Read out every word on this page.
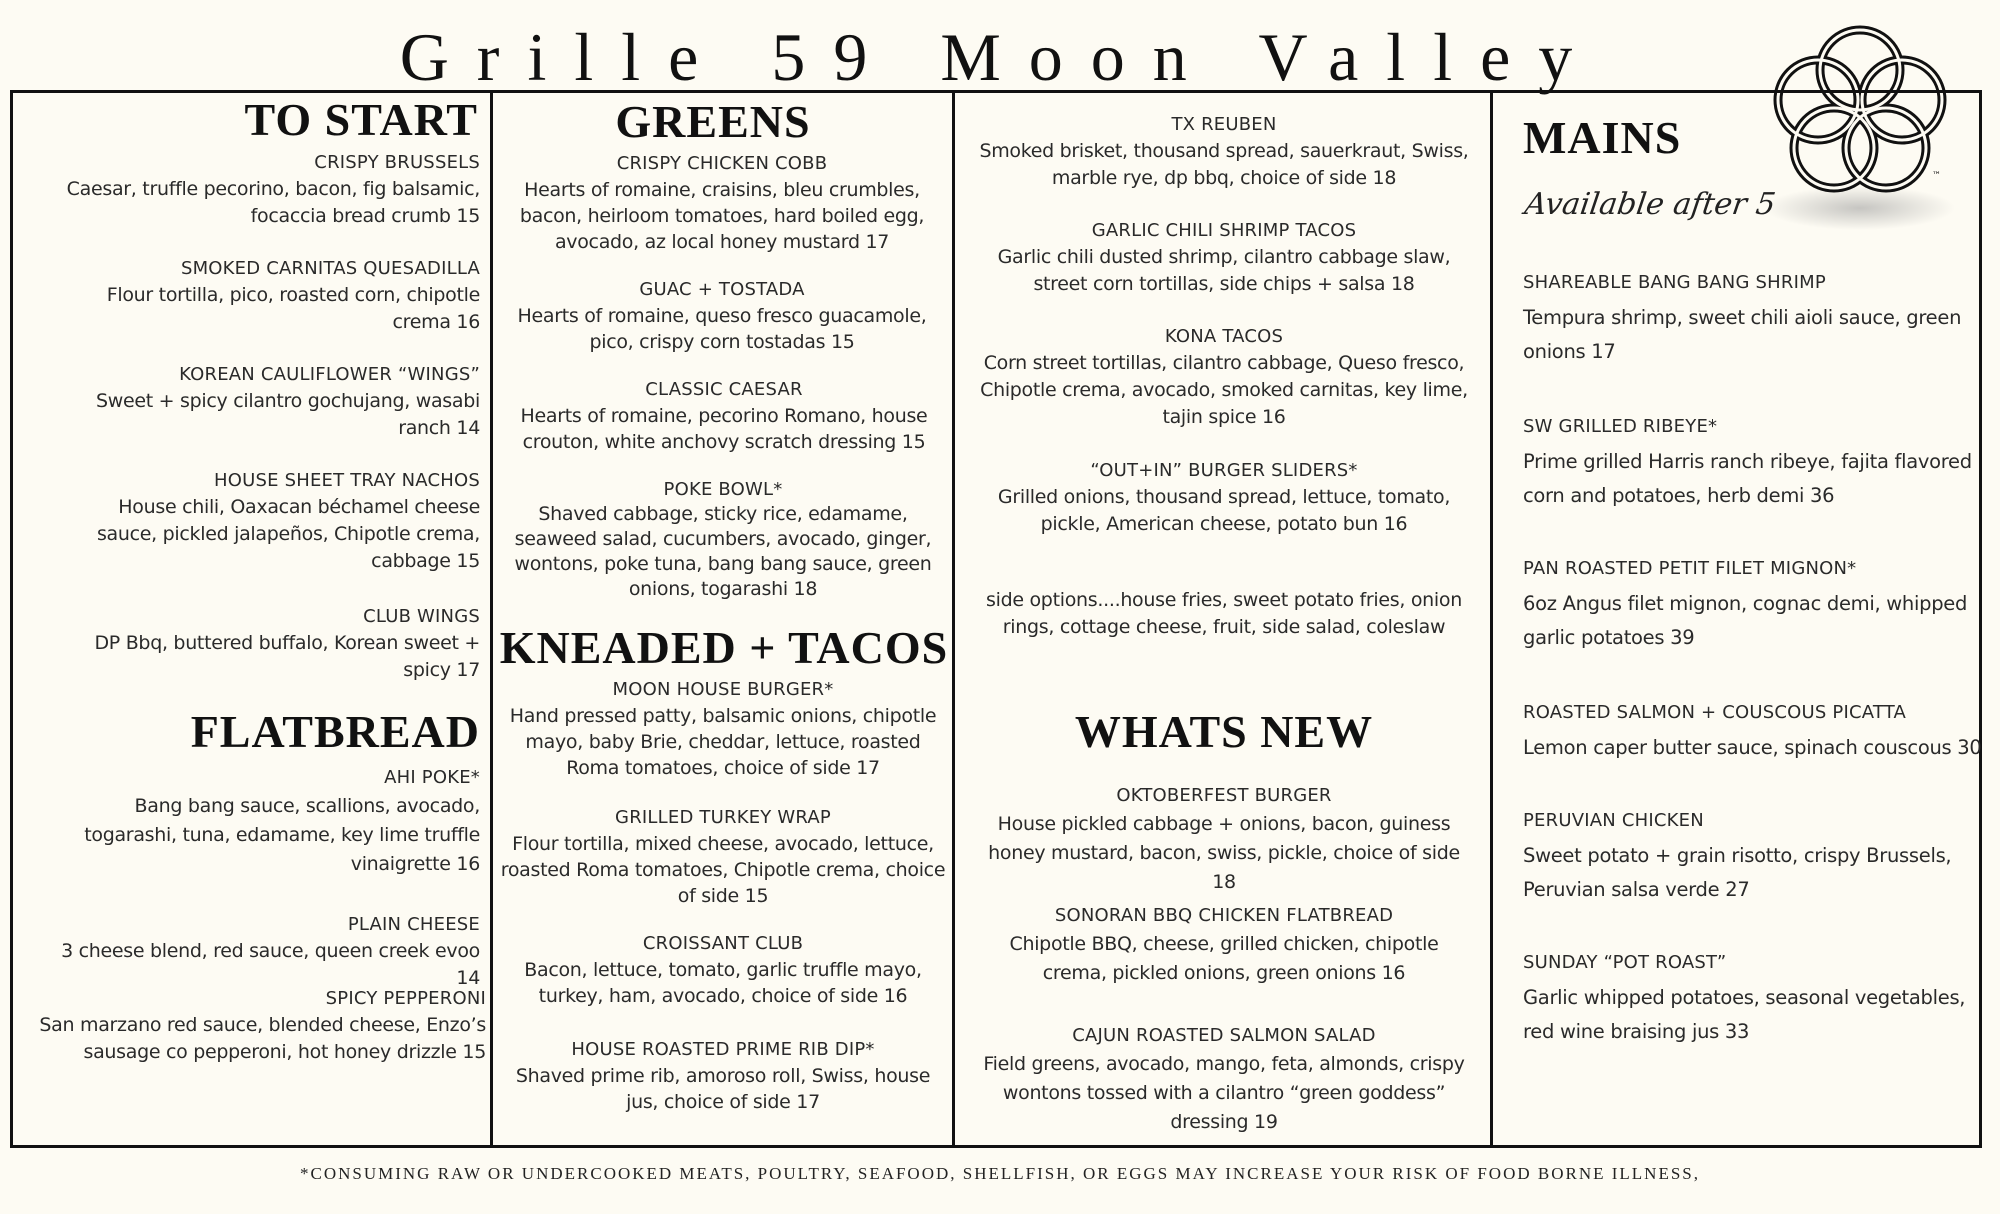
Grille 59 Moon Valley
™
TO START
CRISPY BRUSSELS
Caesar, truffle pecorino, bacon, fig balsamic, focaccia bread crumb 15
SMOKED CARNITAS QUESADILLA
Flour tortilla, pico, roasted corn, chipotle crema 16
KOREAN CAULIFLOWER “WINGS”
Sweet + spicy cilantro gochujang, wasabi ranch 14
HOUSE SHEET TRAY NACHOS
House chili, Oaxacan béchamel cheese sauce, pickled jalapeños, Chipotle crema, cabbage 15
CLUB WINGS
DP Bbq, buttered buffalo, Korean sweet + spicy 17
FLATBREAD
AHI POKE*
Bang bang sauce, scallions, avocado, togarashi, tuna, edamame, key lime truffle vinaigrette 16
PLAIN CHEESE
3 cheese blend, red sauce, queen creek evoo 14
SPICY PEPPERONI
San marzano red sauce, blended cheese, Enzo’s sausage co pepperoni, hot honey drizzle 15
GREENS
CRISPY CHICKEN COBB
Hearts of romaine, craisins, bleu crumbles, bacon, heirloom tomatoes, hard boiled egg, avocado, az local honey mustard 17
GUAC + TOSTADA
Hearts of romaine, queso fresco guacamole, pico, crispy corn tostadas 15
CLASSIC CAESAR
Hearts of romaine, pecorino Romano, house crouton, white anchovy scratch dressing 15
POKE BOWL*
Shaved cabbage, sticky rice, edamame, seaweed salad, cucumbers, avocado, ginger, wontons, poke tuna, bang bang sauce, green onions, togarashi 18
KNEADED + TACOS
MOON HOUSE BURGER*
Hand pressed patty, balsamic onions, chipotle mayo, baby Brie, cheddar, lettuce, roasted Roma tomatoes, choice of side 17
GRILLED TURKEY WRAP
Flour tortilla, mixed cheese, avocado, lettuce, roasted Roma tomatoes, Chipotle crema, choice of side 15
CROISSANT CLUB
Bacon, lettuce, tomato, garlic truffle mayo, turkey, ham, avocado, choice of side 16
HOUSE ROASTED PRIME RIB DIP*
Shaved prime rib, amoroso roll, Swiss, house jus, choice of side 17
TX REUBEN
Smoked brisket, thousand spread, sauerkraut, Swiss, marble rye, dp bbq, choice of side 18
GARLIC CHILI SHRIMP TACOS
Garlic chili dusted shrimp, cilantro cabbage slaw, street corn tortillas, side chips + salsa 18
KONA TACOS
Corn street tortillas, cilantro cabbage, Queso fresco, Chipotle crema, avocado, smoked carnitas, key lime, tajin spice 16
“OUT+IN” BURGER SLIDERS*
Grilled onions, thousand spread, lettuce, tomato, pickle, American cheese, potato bun 16
side options....house fries, sweet potato fries, onion rings, cottage cheese, fruit, side salad, coleslaw
WHATS NEW
OKTOBERFEST BURGER
House pickled cabbage + onions, bacon, guiness honey mustard, bacon, swiss, pickle, choice of side 18
SONORAN BBQ CHICKEN FLATBREAD
Chipotle BBQ, cheese, grilled chicken, chipotle crema, pickled onions, green onions 16
CAJUN ROASTED SALMON SALAD
Field greens, avocado, mango, feta, almonds, crispy wontons tossed with a cilantro “green goddess” dressing 19
MAINS
Available after 5
SHAREABLE BANG BANG SHRIMP
Tempura shrimp, sweet chili aioli sauce, green onions 17
SW GRILLED RIBEYE*
Prime grilled Harris ranch ribeye, fajita flavored corn and potatoes, herb demi 36
PAN ROASTED PETIT FILET MIGNON*
6oz Angus filet mignon, cognac demi, whipped garlic potatoes 39
ROASTED SALMON + COUSCOUS PICATTA
Lemon caper butter sauce, spinach couscous 30
PERUVIAN CHICKEN
Sweet potato + grain risotto, crispy Brussels, Peruvian salsa verde 27
SUNDAY “POT ROAST”
Garlic whipped potatoes, seasonal vegetables, red wine braising jus 33
*CONSUMING RAW OR UNDERCOOKED MEATS, POULTRY, SEAFOOD, SHELLFISH, OR EGGS MAY INCREASE YOUR RISK OF FOOD BORNE ILLNESS,
